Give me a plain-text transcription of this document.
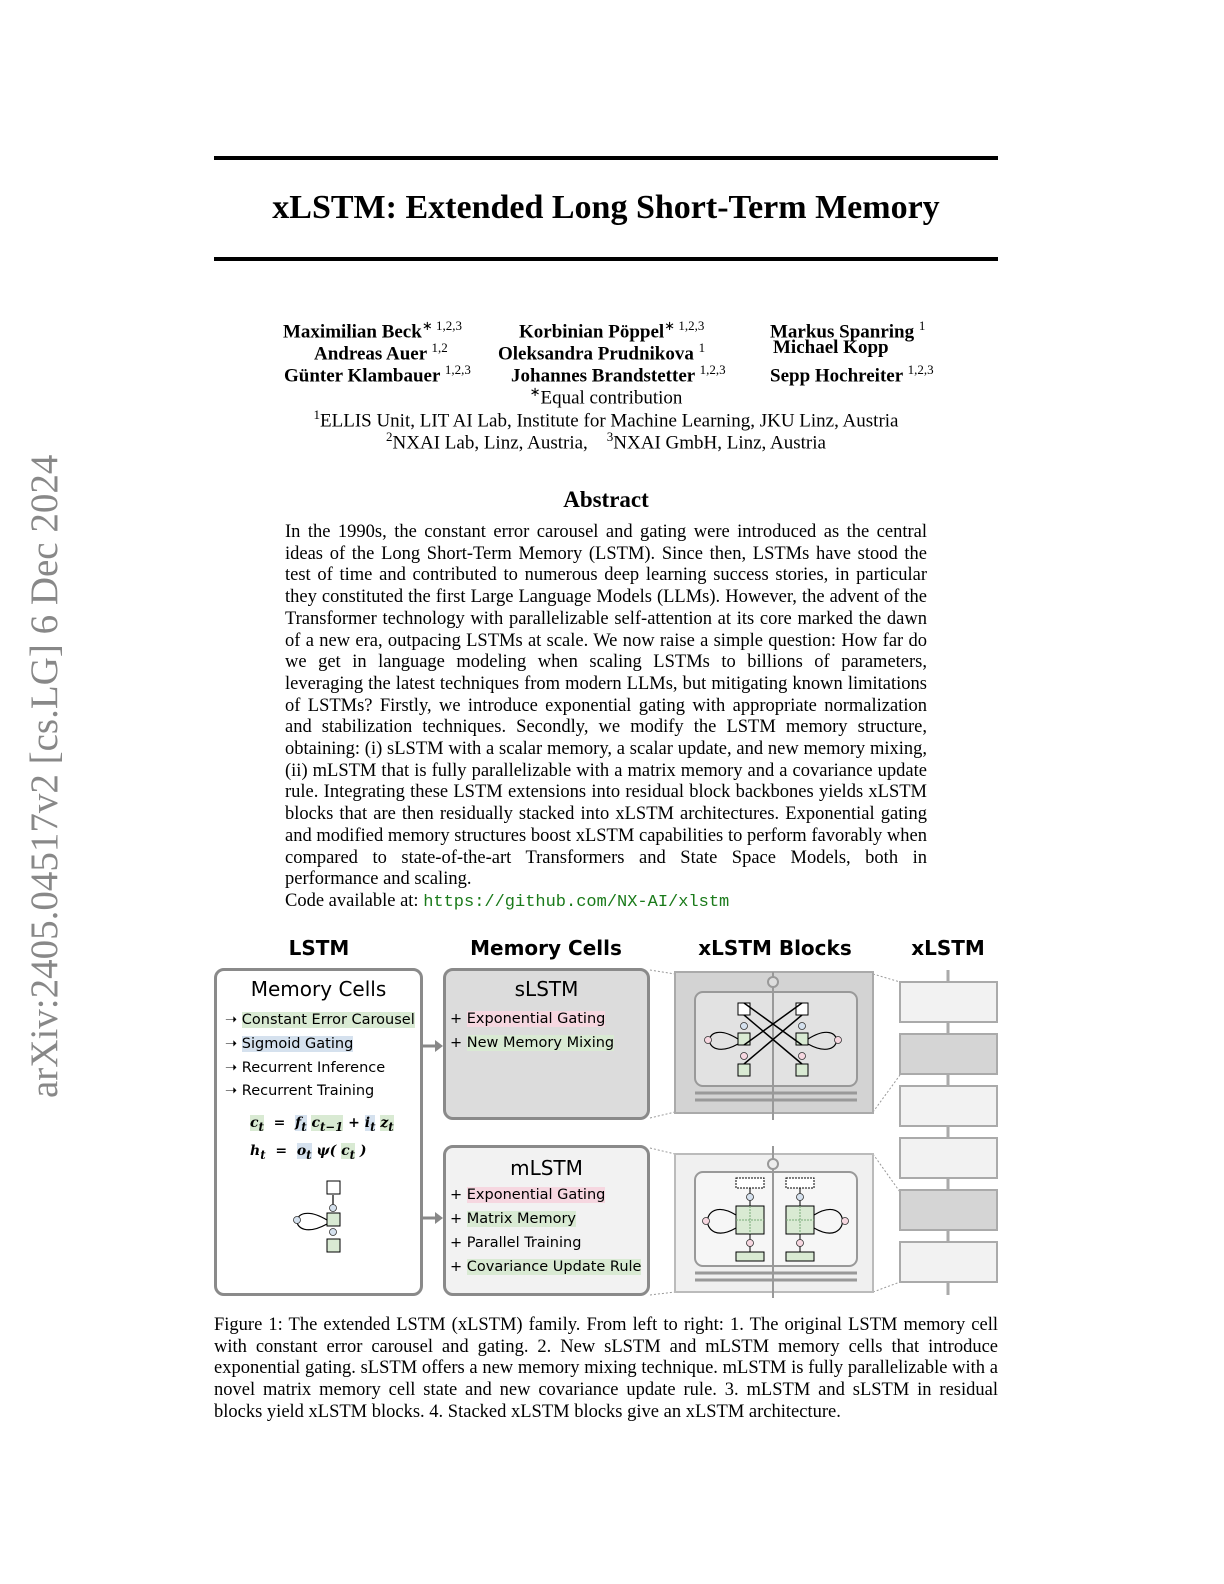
arXiv:2405.04517v2 [cs.LG] 6 Dec 2024
xLSTM: Extended Long Short-Term Memory
Maximilian Beck$^{∗ 1,2,3}$	Korbinian Pöppel$^{∗ 1,2,3}$	Markus Spanring $^1$
Andreas Auer $^{1,2}$	Oleksandra Prudnikova $^1$	Michael Kopp
Günter Klambauer $^{1,2,3}$ Johannes Brandstetter $^{1,2,3}$ Sepp Hochreiter $^{1,2,3}$
∗Equal contribution
$^1$ELLIS Unit, LIT AI Lab, Institute for Machine Learning, JKU Linz, Austria
$^2$NXAI Lab, Linz, Austria, $^3$NXAI GmbH, Linz, Austria
Abstract
In the 1990s, the constant error carousel and gating were introduced as the central ideas of the Long Short-Term Memory (LSTM). Since then, LSTMs have stood the test of time and contributed to numerous deep learning success stories, in particular they constituted the first Large Language Models (LLMs). However, the advent of the Transformer technology with parallelizable self-attention at its core marked the dawn of a new era, outpacing LSTMs at scale. We now raise a simple question: How far do we get in language modeling when scaling LSTMs to billions of parameters, leveraging the latest techniques from modern LLMs, but mitigating known limitations of LSTMs? Firstly, we introduce exponential gating with appropriate normalization and stabilization techniques. Secondly, we modify the LSTM memory structure, obtaining: (i) sLSTM with a scalar memory, a scalar update, and new memory mixing, (ii) mLSTM that is fully parallelizable with a matrix memory and a covariance update rule. Integrating these LSTM extensions into residual block backbones yields xLSTM blocks that are then residually stacked into xLSTM architectures. Exponential gating and modified memory structures boost xLSTM capabilities to perform favorably when compared to state-of-the-art Transformers and State Space Models, both in performance and scaling.
Code available at: https://github.com/NX-AI/xlstm
LSTM	Memory Cells	xLSTM Blocks	xLSTM
Memory Cells
➝ Constant Error Carousel
➝ Sigmoid Gating
➝ Recurrent Inference
➝ Recurrent Training
$c_t = f_t$ $c_{t-1} + i_t$ $z_t$
$h_t = o_t$ ψ( $c_t$ )
sLSTM
+ Exponential Gating
+ New Memory Mixing
mLSTM
+ Exponential Gating
+ Matrix Memory
+ Parallel Training
+ Covariance Update Rule
Figure 1: The extended LSTM (xLSTM) family. From left to right: 1. The original LSTM memory cell with constant error carousel and gating. 2. New sLSTM and mLSTM memory cells that introduce exponential gating. sLSTM offers a new memory mixing technique. mLSTM is fully parallelizable with a novel matrix memory cell state and new covariance update rule. 3. mLSTM and sLSTM in residual blocks yield xLSTM blocks. 4. Stacked xLSTM blocks give an xLSTM architecture.
